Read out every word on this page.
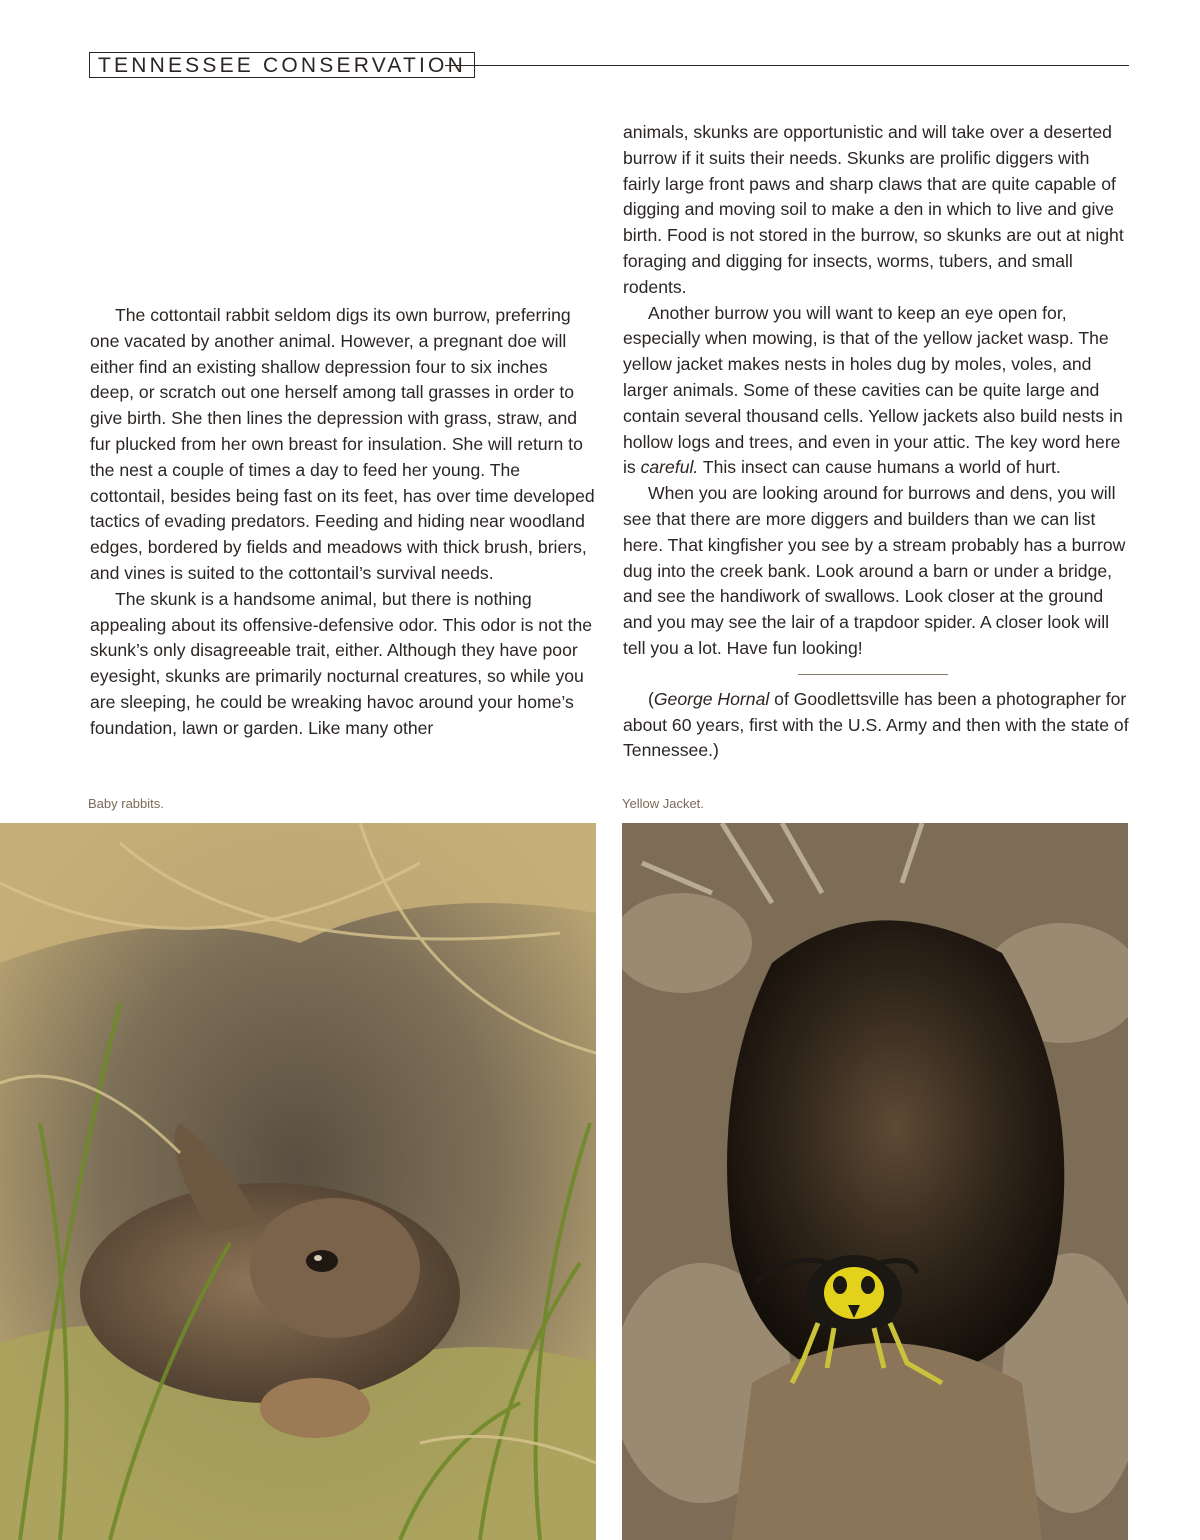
TENNESSEE CONSERVATION

The cottontail rabbit seldom digs its own burrow, preferring one vacated by another animal. However, a pregnant doe will either find an existing shallow depression four to six inches deep, or scratch out one herself among tall grasses in order to give birth. She then lines the depression with grass, straw, and fur plucked from her own breast for insulation. She will return to the nest a couple of times a day to feed her young. The cottontail, besides being fast on its feet, has over time developed tactics of evading predators. Feeding and hiding near woodland edges, bordered by fields and meadows with thick brush, briers, and vines is suited to the cottontail’s survival needs.

The skunk is a handsome animal, but there is nothing appealing about its offensive-defensive odor. This odor is not the skunk’s only disagreeable trait, either. Although they have poor eyesight, skunks are primarily nocturnal creatures, so while you are sleeping, he could be wreaking havoc around your home’s foundation, lawn or garden. Like many other

animals, skunks are opportunistic and will take over a deserted burrow if it suits their needs. Skunks are prolific diggers with fairly large front paws and sharp claws that are quite capable of digging and moving soil to make a den in which to live and give birth. Food is not stored in the burrow, so skunks are out at night foraging and digging for insects, worms, tubers, and small rodents.

Another burrow you will want to keep an eye open for, especially when mowing, is that of the yellow jacket wasp. The yellow jacket makes nests in holes dug by moles, voles, and larger animals. Some of these cavities can be quite large and contain several thousand cells. Yellow jackets also build nests in hollow logs and trees, and even in your attic. The key word here is careful. This insect can cause humans a world of hurt.

When you are looking around for burrows and dens, you will see that there are more diggers and builders than we can list here. That kingfisher you see by a stream probably has a burrow dug into the creek bank. Look around a barn or under a bridge, and see the handiwork of swallows. Look closer at the ground and you may see the lair of a trapdoor spider. A closer look will tell you a lot. Have fun looking!

(George Hornal of Goodlettsville has been a photographer for about 60 years, first with the U.S. Army and then with the state of Tennessee.)

Baby rabbits.	Yellow Jacket.
